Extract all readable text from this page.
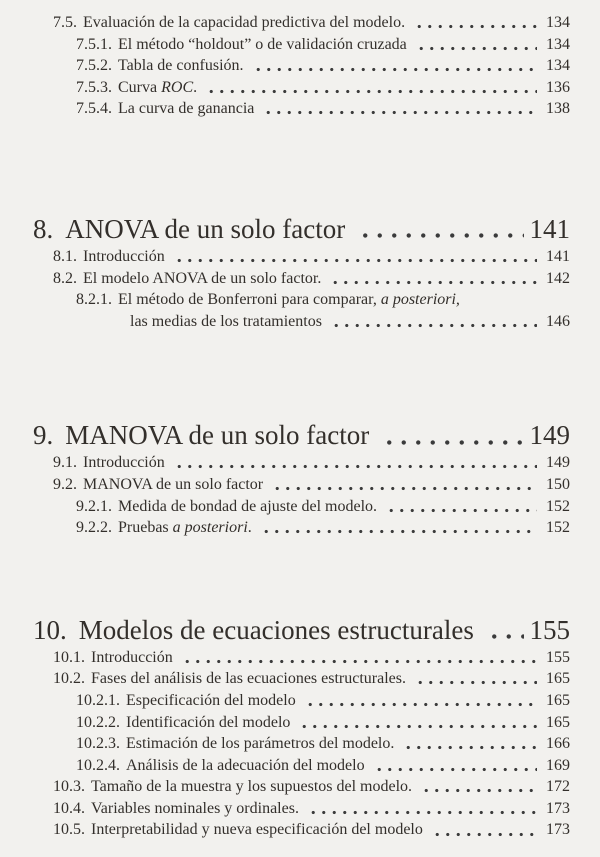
7.5. Evaluación de la capacidad predictiva del modelo.	134
7.5.1. El método “holdout” o de validación cruzada	134
7.5.2. Tabla de confusión.	134
7.5.3. Curva ROC.	136
7.5.4. La curva de ganancia	138
8. ANOVA de un solo factor	141
8.1. Introducción	141
8.2. El modelo ANOVA de un solo factor.	142
8.2.1. El método de Bonferroni para comparar, a posteriori,
las medias de los tratamientos	146
9. MANOVA de un solo factor	149
9.1. Introducción	149
9.2. MANOVA de un solo factor	150
9.2.1. Medida de bondad de ajuste del modelo.	152
9.2.2. Pruebas a posteriori.	152
10. Modelos de ecuaciones estructurales 155
10.1. Introducción	155
10.2. Fases del análisis de las ecuaciones estructurales.	165
10.2.1. Especificación del modelo	165
10.2.2. Identificación del modelo	165
10.2.3. Estimación de los parámetros del modelo.	166
10.2.4. Análisis de la adecuación del modelo	169
10.3. Tamaño de la muestra y los supuestos del modelo.	172
10.4. Variables nominales y ordinales.	173
10.5. Interpretabilidad y nueva especificación del modelo	173
